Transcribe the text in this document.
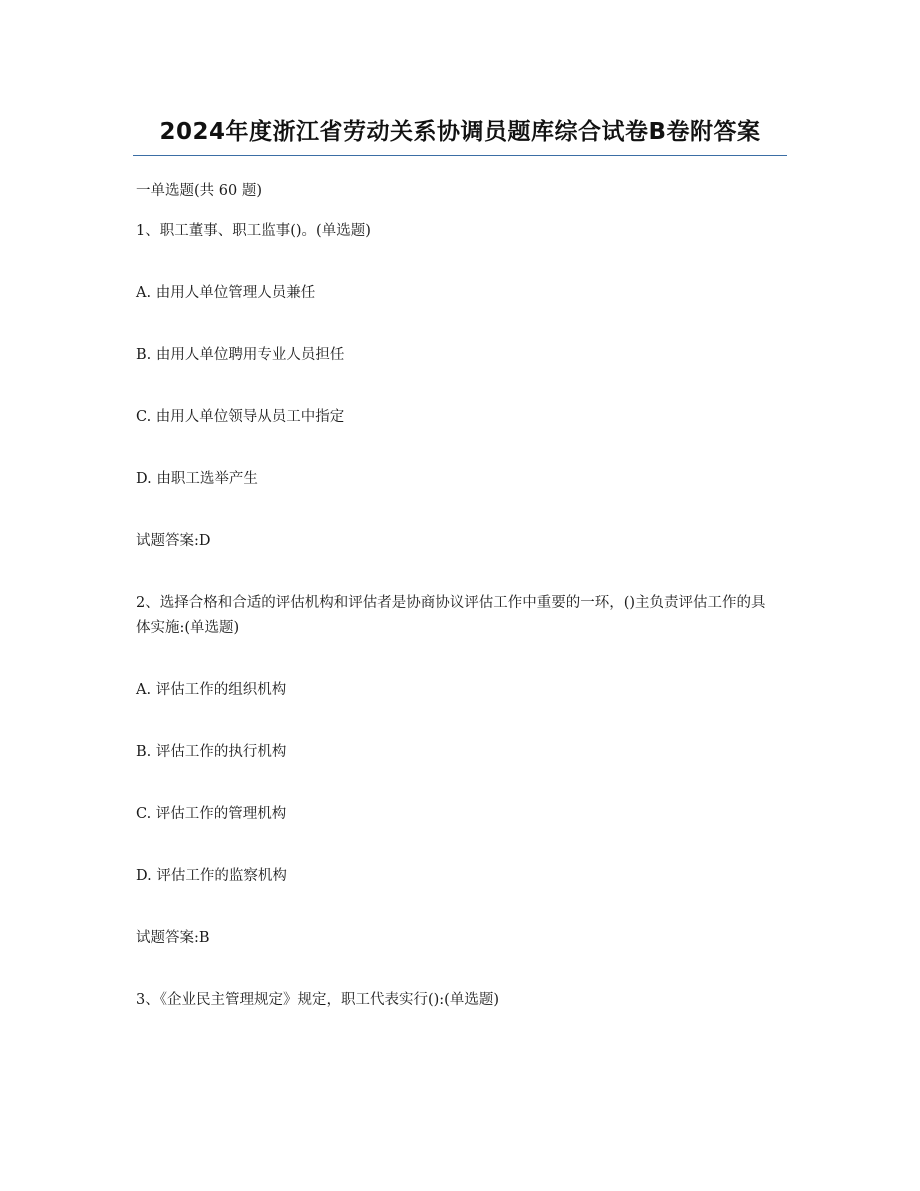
2024年度浙江省劳动关系协调员题库综合试卷B卷附答案
一单选题(共 60 题)
1、职工董事、职工监事()。(单选题)
A. 由用人单位管理人员兼任
B. 由用人单位聘用专业人员担任
C. 由用人单位领导从员工中指定
D. 由职工选举产生
试题答案:D
2、选择合格和合适的评估机构和评估者是协商协议评估工作中重要的一环，()主负责评估工作的具体实施:(单选题)
A. 评估工作的组织机构
B. 评估工作的执行机构
C. 评估工作的管理机构
D. 评估工作的监察机构
试题答案:B
3、《企业民主管理规定》规定，职工代表实行():(单选题)
